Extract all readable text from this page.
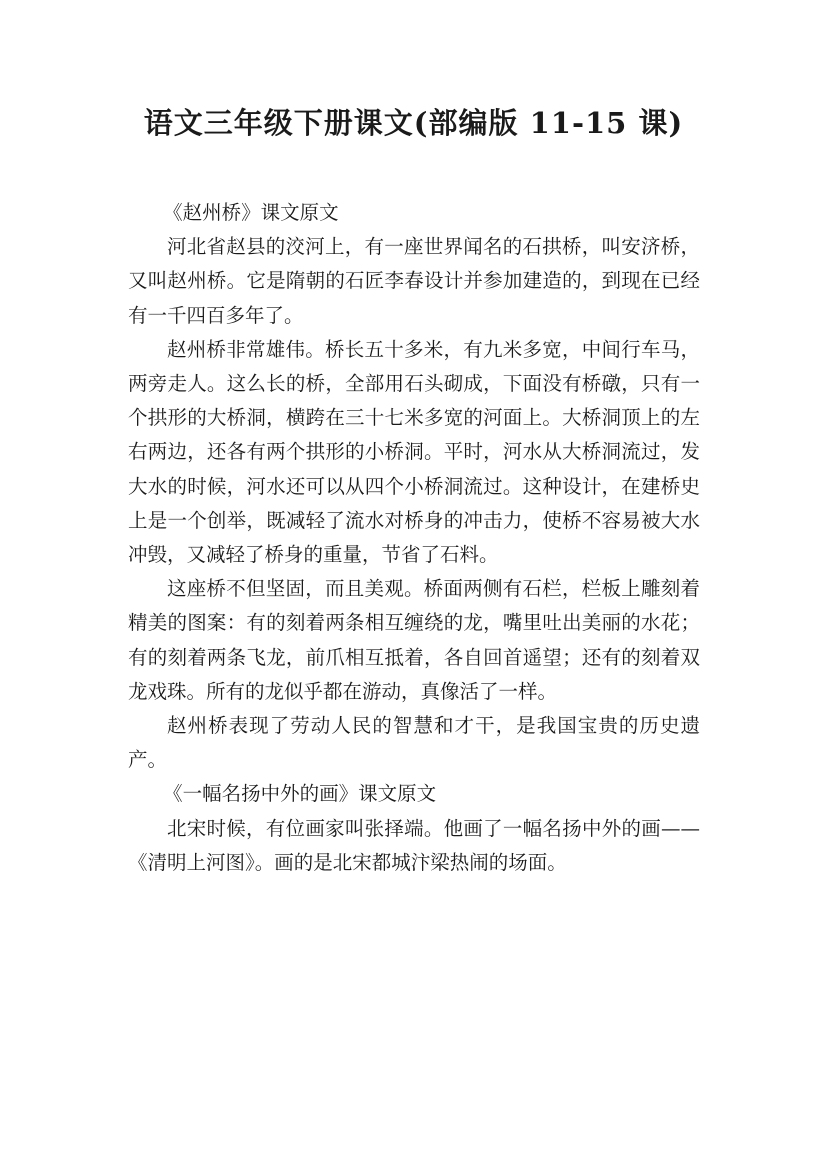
语文三年级下册课文(部编版 11-15 课)

《赵州桥》课文原文

河北省赵县的洨河上，有一座世界闻名的石拱桥，叫安济桥，又叫赵州桥。它是隋朝的石匠李春设计并参加建造的，到现在已经有一千四百多年了。

赵州桥非常雄伟。桥长五十多米，有九米多宽，中间行车马，两旁走人。这么长的桥，全部用石头砌成，下面没有桥礅，只有一个拱形的大桥洞，横跨在三十七米多宽的河面上。大桥洞顶上的左右两边，还各有两个拱形的小桥洞。平时，河水从大桥洞流过，发大水的时候，河水还可以从四个小桥洞流过。这种设计，在建桥史上是一个创举，既减轻了流水对桥身的冲击力，使桥不容易被大水冲毁，又减轻了桥身的重量，节省了石料。

这座桥不但坚固，而且美观。桥面两侧有石栏，栏板上雕刻着精美的图案：有的刻着两条相互缠绕的龙，嘴里吐出美丽的水花；有的刻着两条飞龙，前爪相互抵着，各自回首遥望；还有的刻着双龙戏珠。所有的龙似乎都在游动，真像活了一样。

赵州桥表现了劳动人民的智慧和才干，是我国宝贵的历史遗产。

《一幅名扬中外的画》课文原文

北宋时候，有位画家叫张择端。他画了一幅名扬中外的画——《清明上河图》。画的是北宋都城汴梁热闹的场面。
